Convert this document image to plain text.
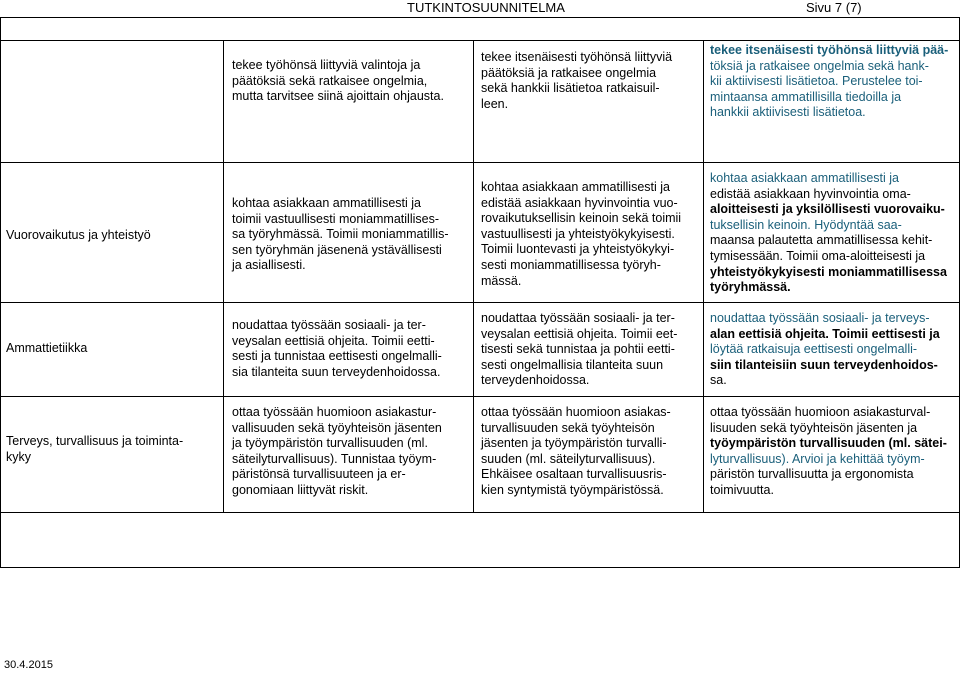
TUTKINTOSUUNNITELMA	Sivu 7 (7)
tekee työhönsä liittyviä valintoja ja
päätöksiä sekä ratkaisee ongelmia,
mutta tarvitsee siinä ajoittain ohjausta.
tekee itsenäisesti työhönsä liittyviä
päätöksiä ja ratkaisee ongelmia
sekä hankkii lisätietoa ratkaisuil-
leen.
tekee itsenäisesti työhönsä liittyviä pää-
töksiä ja ratkaisee ongelmia sekä hank-
kii aktiivisesti lisätietoa. Perustelee toi-
mintaansa ammatillisilla tiedoilla ja
hankkii aktiivisesti lisätietoa.
Vuorovaikutus ja yhteistyö
kohtaa asiakkaan ammatillisesti ja
toimii vastuullisesti moniammatillises-
sa työryhmässä. Toimii moniammatillis-
sen työryhmän jäsenenä ystävällisesti
ja asiallisesti.
kohtaa asiakkaan ammatillisesti ja
edistää asiakkaan hyvinvointia vuo-
rovaikutuksellisin keinoin sekä toimii
vastuullisesti ja yhteistyökykyisesti.
Toimii luontevasti ja yhteistyökykyi-
sesti moniammatillisessa työryh-
mässä.
kohtaa asiakkaan ammatillisesti ja
edistää asiakkaan hyvinvointia oma-
aloitteisesti ja yksilöllisesti vuorovaiku-
tuksellisin keinoin. Hyödyntää saa-
maansa palautetta ammatillisessa kehit-
tymisessään. Toimii oma-aloitteisesti ja
yhteistyökykyisesti moniammatillisessa
työryhmässä.
Ammattietiikka
noudattaa työssään sosiaali- ja ter-
veysalan eettisiä ohjeita. Toimii eetti-
sesti ja tunnistaa eettisesti ongelmalli-
sia tilanteita suun terveydenhoidossa.
noudattaa työssään sosiaali- ja ter-
veysalan eettisiä ohjeita. Toimii eet-
tisesti sekä tunnistaa ja pohtii eetti-
sesti ongelmallisia tilanteita suun
terveydenhoidossa.
noudattaa työssään sosiaali- ja terveys-
alan eettisiä ohjeita. Toimii eettisesti ja
löytää ratkaisuja eettisesti ongelmalli-
siin tilanteisiin suun terveydenhoidos-
sa.
Terveys, turvallisuus ja toiminta-
kyky
ottaa työssään huomioon asiakastur-
vallisuuden sekä työyhteisön jäsenten
ja työympäristön turvallisuuden (ml.
säteilyturvallisuus). Tunnistaa työym-
päristönsä turvallisuuteen ja er-
gonomiaan liittyvät riskit.
ottaa työssään huomioon asiakas-
turvallisuuden sekä työyhteisön
jäsenten ja työympäristön turvalli-
suuden (ml. säteilyturvallisuus).
Ehkäisee osaltaan turvallisuusris-
kien syntymistä työympäristössä.
ottaa työssään huomioon asiakasturval-
lisuuden sekä työyhteisön jäsenten ja
työympäristön turvallisuuden (ml. sätei-
lyturvallisuus). Arvioi ja kehittää työym-
päristön turvallisuutta ja ergonomista
toimivuutta.
30.4.2015
